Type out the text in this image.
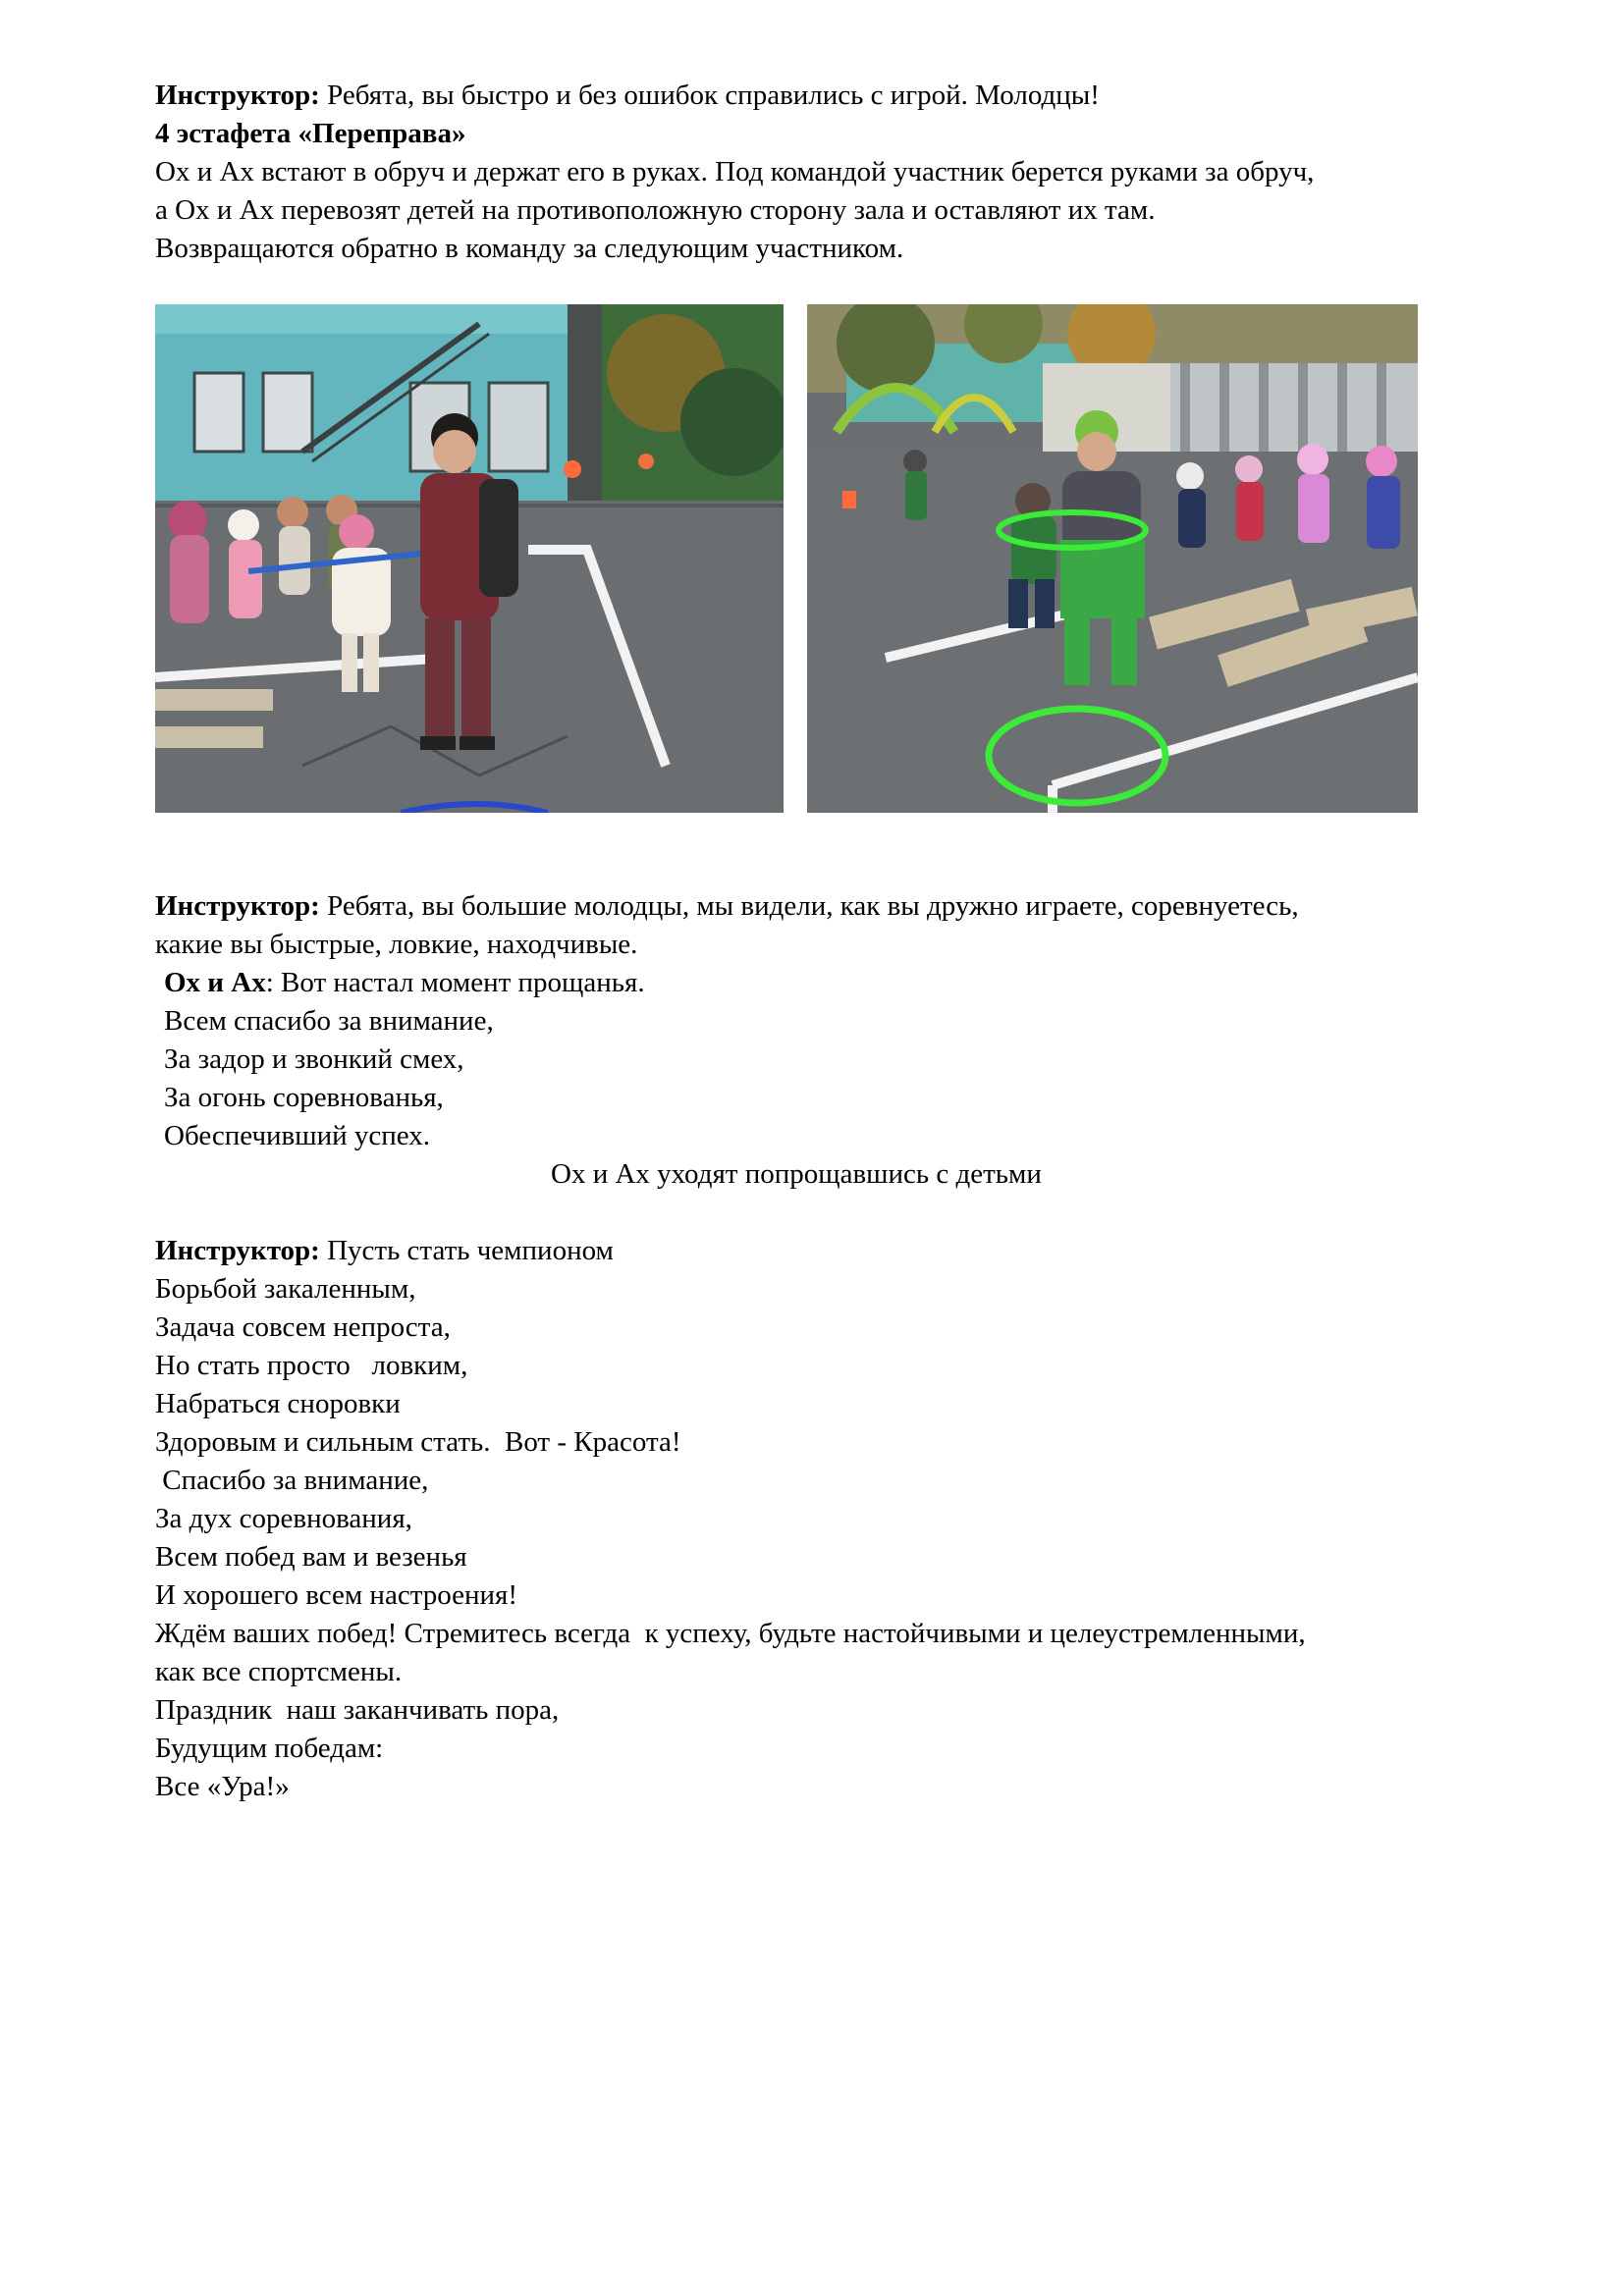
Инструктор: Ребята, вы быстро и без ошибок справились с игрой. Молодцы!
4 эстафета «Переправа»
Ох и Ах встают в обруч и держат его в руках. Под командой участник берется руками за обруч,
а Ох и Ах перевозят детей на противоположную сторону зала и оставляют их там.
Возвращаются обратно в команду за следующим участником.
Инструктор: Ребята, вы большие молодцы, мы видели, как вы дружно играете, соревнуетесь,
какие вы быстрые, ловкие, находчивые.
Ох и Ах: Вот настал момент прощанья.
Всем спасибо за внимание,
За задор и звонкий смех,
За огонь соревнованья,
Обеспечивший успех.
Ох и Ах уходят попрощавшись с детьми
Инструктор: Пусть стать чемпионом
Борьбой закаленным,
Задача совсем непроста,
Но стать просто   ловким,
Набраться сноровки
Здоровым и сильным стать.  Вот - Красота!
Спасибо за внимание,
За дух соревнования,
Всем побед вам и везенья
И хорошего всем настроения!
Ждём ваших побед! Стремитесь всегда  к успеху, будьте настойчивыми и целеустремленными,
как все спортсмены.
Праздник  наш заканчивать пора,
Будущим победам:
Все «Ура!»
